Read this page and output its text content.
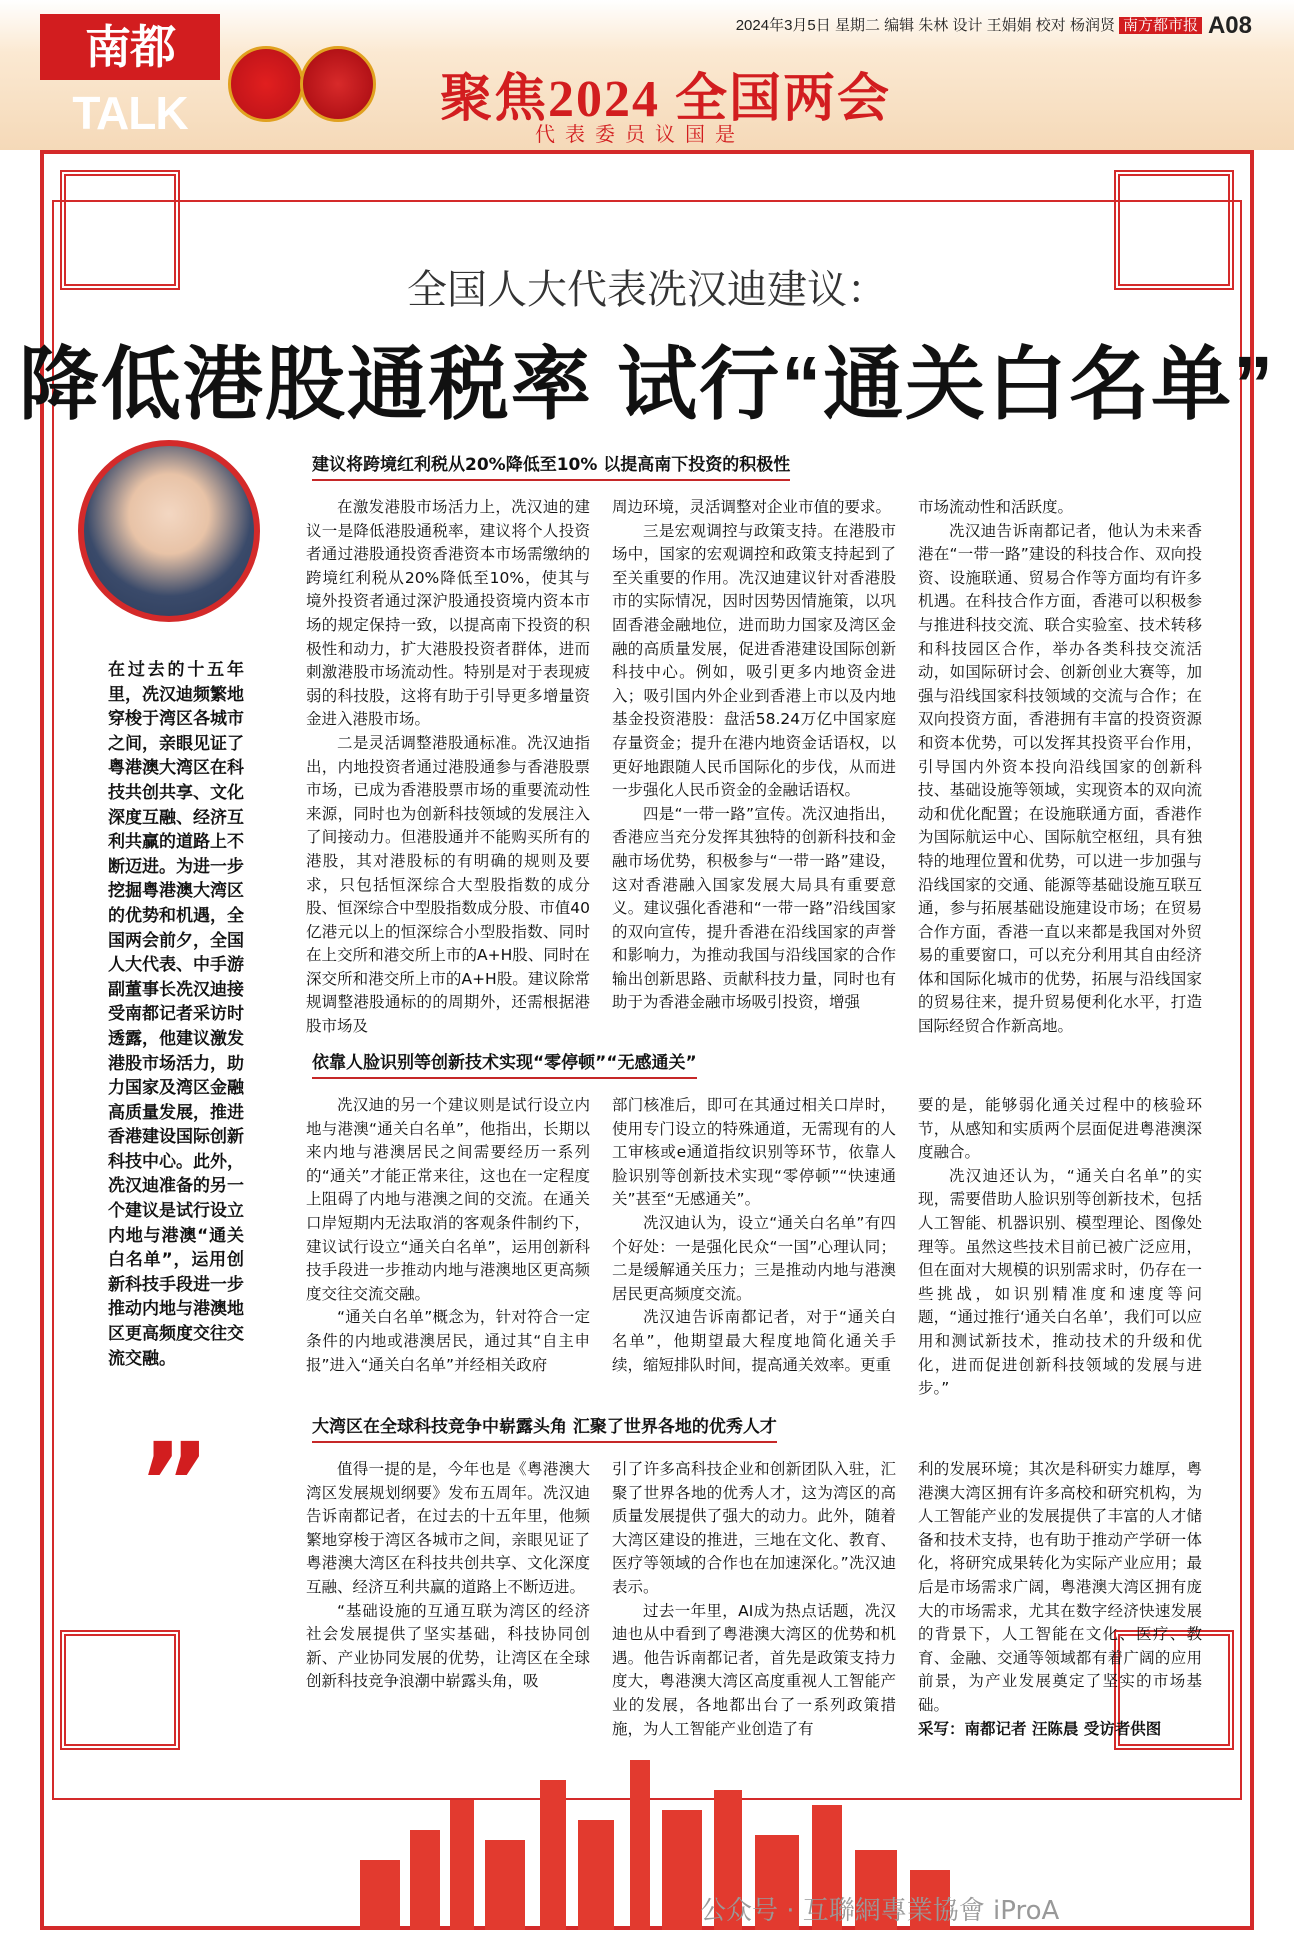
南都TALK
2024年3月5日 星期二 编辑 朱林 设计 王娟娟 校对 杨润贤 南方都市报 A08
聚焦2024 全国两会
代表委员议国是
全国人大代表冼汉迪建议：
降低港股通税率 试行“通关白名单”
在过去的十五年里，冼汉迪频繁地穿梭于湾区各城市之间，亲眼见证了粤港澳大湾区在科技共创共享、文化深度互融、经济互利共赢的道路上不断迈进。为进一步挖掘粤港澳大湾区的优势和机遇，全国两会前夕，全国人大代表、中手游副董事长冼汉迪接受南都记者采访时透露，他建议激发港股市场活力，助力国家及湾区金融高质量发展，推进香港建设国际创新科技中心。此外，冼汉迪准备的另一个建议是试行设立内地与港澳“通关白名单”，运用创新科技手段进一步推动内地与港澳地区更高频度交往交流交融。
”
建议将跨境红利税从20%降低至10% 以提高南下投资的积极性

在激发港股市场活力上，冼汉迪的建议一是降低港股通税率，建议将个人投资者通过港股通投资香港资本市场需缴纳的跨境红利税从20%降低至10%，使其与境外投资者通过深沪股通投资境内资本市场的规定保持一致，以提高南下投资的积极性和动力，扩大港股投资者群体，进而刺激港股市场流动性。特别是对于表现疲弱的科技股，这将有助于引导更多增量资金进入港股市场。

二是灵活调整港股通标准。冼汉迪指出，内地投资者通过港股通参与香港股票市场，已成为香港股票市场的重要流动性来源，同时也为创新科技领域的发展注入了间接动力。但港股通并不能购买所有的港股，其对港股标的有明确的规则及要求，只包括恒深综合大型股指数的成分股、恒深综合中型股指数成分股、市值40亿港元以上的恒深综合小型股指数、同时在上交所和港交所上市的A+H股、同时在深交所和港交所上市的A+H股。建议除常规调整港股通标的的周期外，还需根据港股市场及

周边环境，灵活调整对企业市值的要求。

三是宏观调控与政策支持。在港股市场中，国家的宏观调控和政策支持起到了至关重要的作用。冼汉迪建议针对香港股市的实际情况，因时因势因情施策，以巩固香港金融地位，进而助力国家及湾区金融的高质量发展，促进香港建设国际创新科技中心。例如，吸引更多内地资金进入；吸引国内外企业到香港上市以及内地基金投资港股：盘活58.24万亿中国家庭存量资金；提升在港内地资金话语权，以更好地跟随人民币国际化的步伐，从而进一步强化人民币资金的金融话语权。

四是“一带一路”宣传。冼汉迪指出，香港应当充分发挥其独特的创新科技和金融市场优势，积极参与“一带一路”建设，这对香港融入国家发展大局具有重要意义。建议强化香港和“一带一路”沿线国家的双向宣传，提升香港在沿线国家的声誉和影响力，为推动我国与沿线国家的合作输出创新思路、贡献科技力量，同时也有助于为香港金融市场吸引投资，增强

市场流动性和活跃度。

冼汉迪告诉南都记者，他认为未来香港在“一带一路”建设的科技合作、双向投资、设施联通、贸易合作等方面均有许多机遇。在科技合作方面，香港可以积极参与推进科技交流、联合实验室、技术转移和科技园区合作，举办各类科技交流活动，如国际研讨会、创新创业大赛等，加强与沿线国家科技领域的交流与合作；在双向投资方面，香港拥有丰富的投资资源和资本优势，可以发挥其投资平台作用，引导国内外资本投向沿线国家的创新科技、基础设施等领域，实现资本的双向流动和优化配置；在设施联通方面，香港作为国际航运中心、国际航空枢纽，具有独特的地理位置和优势，可以进一步加强与沿线国家的交通、能源等基础设施互联互通，参与拓展基础设施建设市场；在贸易合作方面，香港一直以来都是我国对外贸易的重要窗口，可以充分利用其自由经济体和国际化城市的优势，拓展与沿线国家的贸易往来，提升贸易便利化水平，打造国际经贸合作新高地。

依靠人脸识别等创新技术实现“零停顿”“无感通关”

冼汉迪的另一个建议则是试行设立内地与港澳“通关白名单”，他指出，长期以来内地与港澳居民之间需要经历一系列的“通关”才能正常来往，这也在一定程度上阻碍了内地与港澳之间的交流。在通关口岸短期内无法取消的客观条件制约下，建议试行设立“通关白名单”，运用创新科技手段进一步推动内地与港澳地区更高频度交往交流交融。

“通关白名单”概念为，针对符合一定条件的内地或港澳居民，通过其“自主申报”进入“通关白名单”并经相关政府

部门核准后，即可在其通过相关口岸时，使用专门设立的特殊通道，无需现有的人工审核或e通道指纹识别等环节，依靠人脸识别等创新技术实现“零停顿”“快速通关”甚至“无感通关”。

冼汉迪认为，设立“通关白名单”有四个好处：一是强化民众“一国”心理认同；二是缓解通关压力；三是推动内地与港澳居民更高频度交流。

冼汉迪告诉南都记者，对于“通关白名单”，他期望最大程度地简化通关手续，缩短排队时间，提高通关效率。更重

要的是，能够弱化通关过程中的核验环节，从感知和实质两个层面促进粤港澳深度融合。

冼汉迪还认为，“通关白名单”的实现，需要借助人脸识别等创新技术，包括人工智能、机器识别、模型理论、图像处理等。虽然这些技术目前已被广泛应用，但在面对大规模的识别需求时，仍存在一些挑战，如识别精准度和速度等问题，“通过推行‘通关白名单’，我们可以应用和测试新技术，推动技术的升级和优化，进而促进创新科技领域的发展与进步。”

大湾区在全球科技竞争中崭露头角 汇聚了世界各地的优秀人才

值得一提的是，今年也是《粤港澳大湾区发展规划纲要》发布五周年。冼汉迪告诉南都记者，在过去的十五年里，他频繁地穿梭于湾区各城市之间，亲眼见证了粤港澳大湾区在科技共创共享、文化深度互融、经济互利共赢的道路上不断迈进。

“基础设施的互通互联为湾区的经济社会发展提供了坚实基础，科技协同创新、产业协同发展的优势，让湾区在全球创新科技竞争浪潮中崭露头角，吸

引了许多高科技企业和创新团队入驻，汇聚了世界各地的优秀人才，这为湾区的高质量发展提供了强大的动力。此外，随着大湾区建设的推进，三地在文化、教育、医疗等领域的合作也在加速深化。”冼汉迪表示。

过去一年里，AI成为热点话题，冼汉迪也从中看到了粤港澳大湾区的优势和机遇。他告诉南都记者，首先是政策支持力度大，粤港澳大湾区高度重视人工智能产业的发展，各地都出台了一系列政策措施，为人工智能产业创造了有

利的发展环境；其次是科研实力雄厚，粤港澳大湾区拥有许多高校和研究机构，为人工智能产业的发展提供了丰富的人才储备和技术支持，也有助于推动产学研一体化，将研究成果转化为实际产业应用；最后是市场需求广阔，粤港澳大湾区拥有庞大的市场需求，尤其在数字经济快速发展的背景下，人工智能在文化、医疗、教育、金融、交通等领域都有着广阔的应用前景，为产业发展奠定了坚实的市场基础。

采写：南都记者 汪陈晨 受访者供图

公众号 · 互聯網專業協會 iProA
